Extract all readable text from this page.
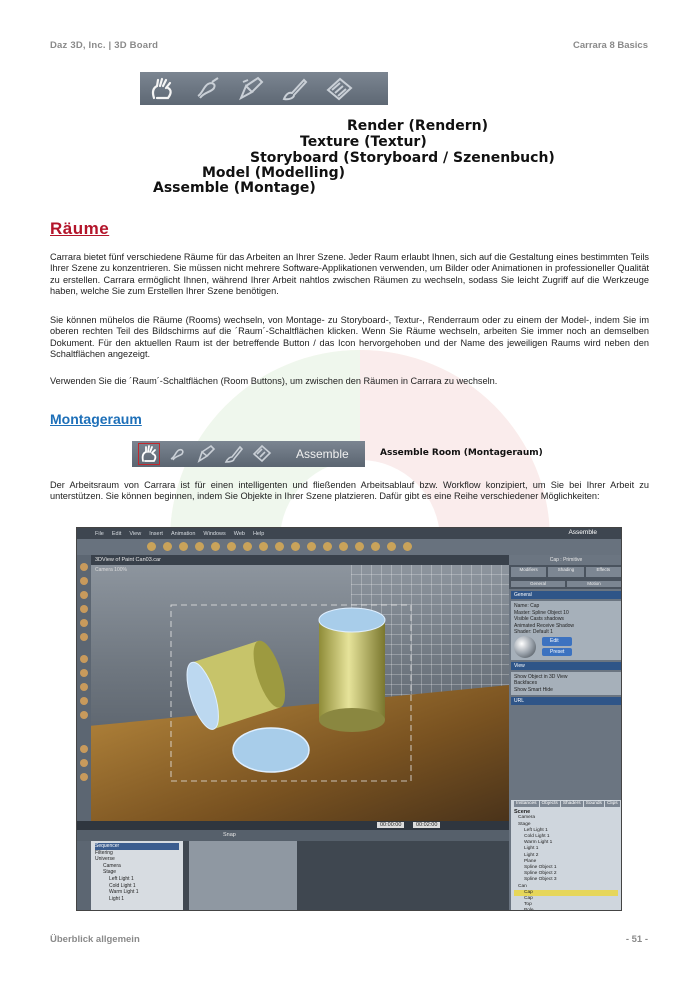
Daz 3D, Inc. | 3D Board	Carrara 8 Basics
Render (Rendern)
Texture (Textur)
Storyboard (Storyboard / Szenenbuch)
Model (Modelling)
Assemble (Montage)
Räume

Carrara bietet fünf verschiedene Räume für das Arbeiten an Ihrer Szene. Jeder Raum erlaubt Ihnen, sich auf die Gestaltung eines bestimmten Teils Ihrer Szene zu konzentrieren. Sie müssen nicht mehrere Software-Applikationen verwenden, um Bilder oder Animationen in professioneller Qualität zu erstellen. Carrara ermöglicht Ihnen, während Ihrer Arbeit nahtlos zwischen Räumen zu wechseln, sodass Sie leicht Zugriff auf die Werkzeuge haben, welche Sie zum Erstellen Ihrer Szene benötigen.

Sie können mühelos die Räume (Rooms) wechseln, von Montage- zu Storyboard-, Textur-, Renderraum oder zu einem der Model-, indem Sie im oberen rechten Teil des Bildschirms auf die ´Raum´-Schaltflächen klicken. Wenn Sie Räume wechseln, arbeiten Sie immer noch an demselben Dokument. Für den aktuellen Raum ist der betreffende Button / das Icon hervorgehoben und der Name des jeweiligen Raums wird neben den Schaltflächen angezeigt.

Verwenden Sie die ´Raum´-Schaltflächen (Room Buttons), um zwischen den Räumen in Carrara zu wechseln.

Montageraum
Assemble	Assemble Room (Montageraum)

Der Arbeitsraum von Carrara ist für einen intelligenten und fließenden Arbeitsablauf bzw. Workflow konzipiert, um Sie bei Ihrer Arbeit zu unterstützen. Sie können beginnen, indem Sie Objekte in Ihrer Szene platzieren. Dafür gibt es eine Reihe verschiedener Möglichkeiten:

File Edit View Insert Animation Windows Web Help	Assemble
3DView of Paint Can03.car
Camera 100%
00:00:00	00:02:00
Snap
Sequencer
Filtering
Universe
Camera
Stage
Left Light 1
Cold Light 1
Warm Light 1
Light 1
Cap : Primitive
Modifiers	Shading	Effects
General	Motion
General
Name: Cap
Master: Spline Object 10
Visible Casts shadows
Animated Receive Shadow
Shader: Default 1
Edit
Preset
View
Show Object in 3D View
Backfaces
Show Smart Hide
URL
Instances	Objects	Shaders	Sounds	Clips
Scene
Camera
Stage
Left Light 1
Cold Light 1
Warm Light 1
Light 1
Light 2
Plane
Spline Object 1
Spline Object 2
Spline Object 3
Can
Cap
Cap
Top
Pole
Überblick allgemein	- 51 -
